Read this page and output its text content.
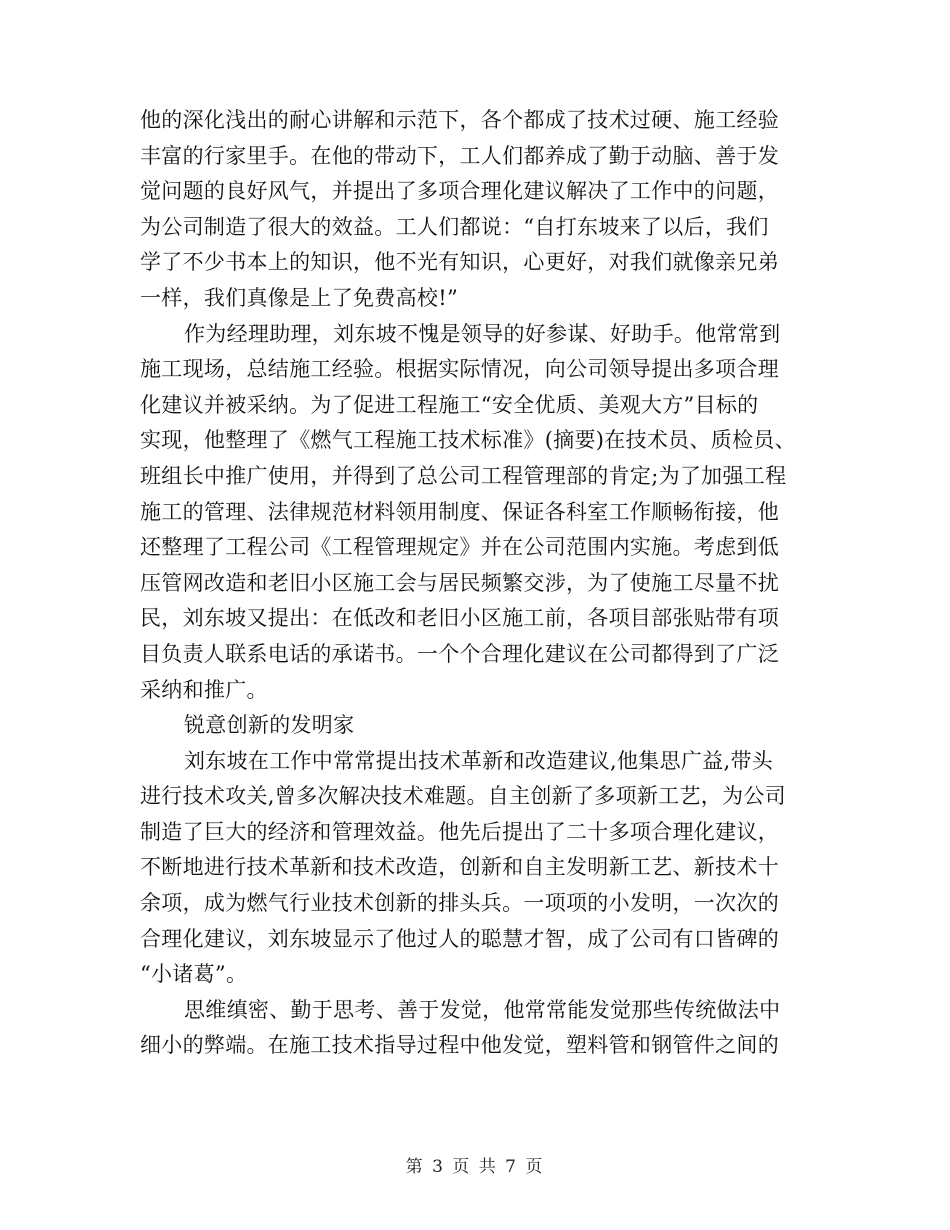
他的深化浅出的耐心讲解和示范下，各个都成了技术过硬、施工经验
丰富的行家里手。在他的带动下，工人们都养成了勤于动脑、善于发
觉问题的良好风气，并提出了多项合理化建议解决了工作中的问题，
为公司制造了很大的效益。工人们都说：“自打东坡来了以后，我们
学了不少书本上的知识，他不光有知识，心更好，对我们就像亲兄弟
一样，我们真像是上了免费高校!”
作为经理助理，刘东坡不愧是领导的好参谋、好助手。他常常到
施工现场，总结施工经验。根据实际情况，向公司领导提出多项合理
化建议并被采纳。为了促进工程施工“安全优质、美观大方”目标的
实现，他整理了《燃气工程施工技术标准》(摘要)在技术员、质检员、
班组长中推广使用，并得到了总公司工程管理部的肯定;为了加强工程
施工的管理、法律规范材料领用制度、保证各科室工作顺畅衔接，他
还整理了工程公司《工程管理规定》并在公司范围内实施。考虑到低
压管网改造和老旧小区施工会与居民频繁交涉，为了使施工尽量不扰
民，刘东坡又提出：在低改和老旧小区施工前，各项目部张贴带有项
目负责人联系电话的承诺书。一个个合理化建议在公司都得到了广泛
采纳和推广。
锐意创新的发明家
刘东坡在工作中常常提出技术革新和改造建议,他集思广益,带头
进行技术攻关,曾多次解决技术难题。自主创新了多项新工艺，为公司
制造了巨大的经济和管理效益。他先后提出了二十多项合理化建议，
不断地进行技术革新和技术改造，创新和自主发明新工艺、新技术十
余项，成为燃气行业技术创新的排头兵。一项项的小发明，一次次的
合理化建议，刘东坡显示了他过人的聪慧才智，成了公司有口皆碑的
“小诸葛”。
思维缜密、勤于思考、善于发觉，他常常能发觉那些传统做法中
细小的弊端。在施工技术指导过程中他发觉，塑料管和钢管件之间的
第 3 页 共 7 页
